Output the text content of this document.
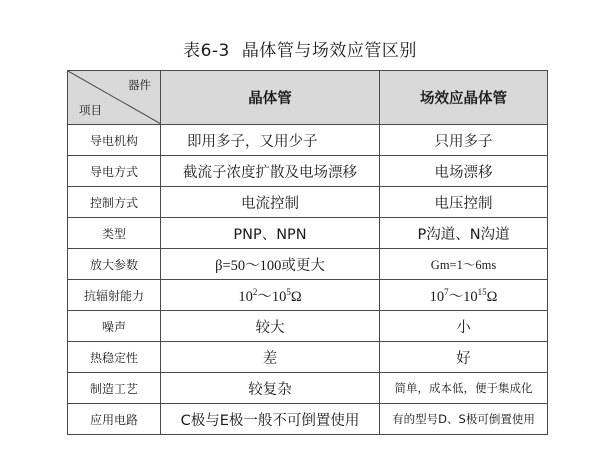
表6-3 晶体管与场效应管区别
器件
项目	晶体管	场效应晶体管
导电机构	即用多子，又用少子	只用多子
导电方式	截流子浓度扩散及电场漂移	电场漂移
控制方式	电流控制	电压控制
类型	PNP、NPN	P沟道、N沟道
放大参数	β=50～100或更大	Gm=1～6ms
抗辐射能力	$10^2\sim 10^5\Omega$	$10^7\sim 10^{15}\Omega$
噪声	较大	小
热稳定性	差	好
制造工艺	较复杂	简单，成本低，便于集成化
应用电路	C极与E极一般不可倒置使用	有的型号D、S极可倒置使用
